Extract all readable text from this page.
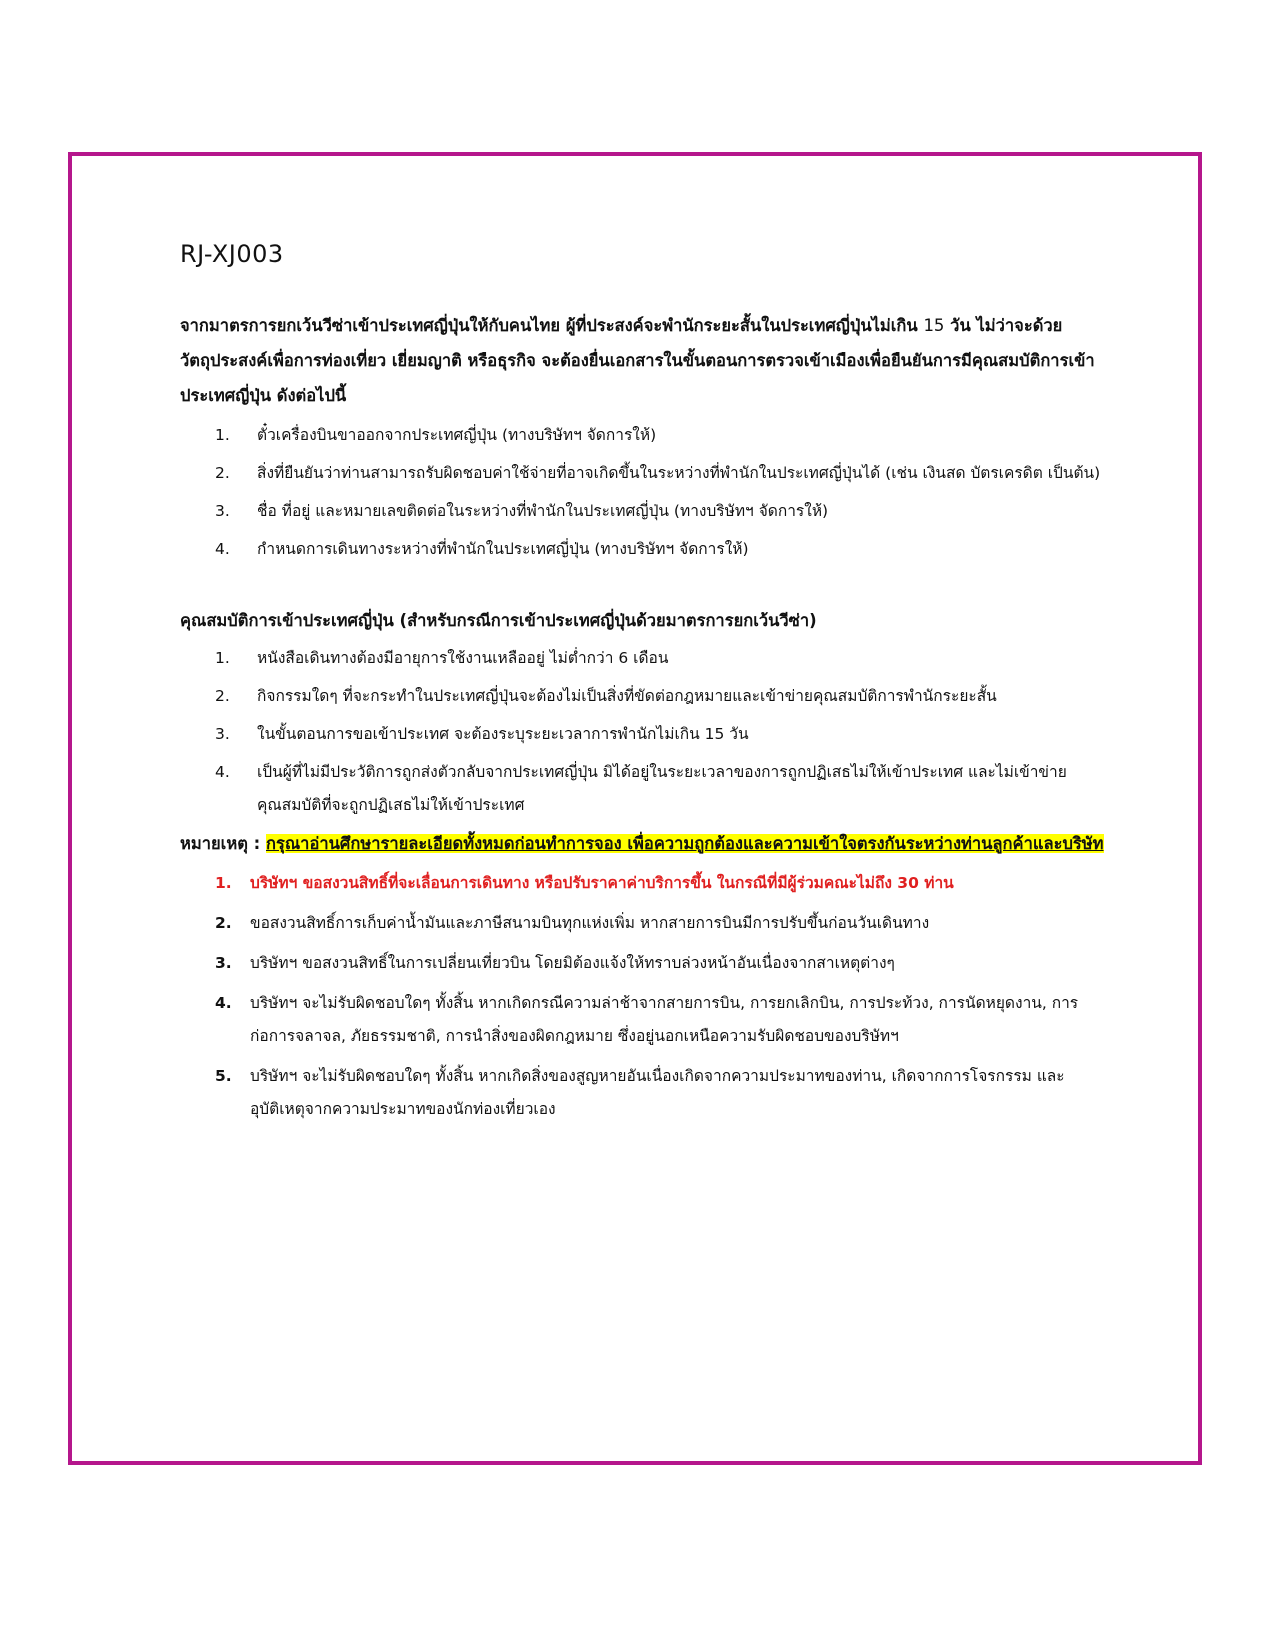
RJ-XJ003

จากมาตรการยกเว้นวีซ่าเข้าประเทศญี่ปุ่นให้กับคนไทย ผู้ที่ประสงค์จะพำนักระยะสั้นในประเทศญี่ปุ่นไม่เกิน 15 วัน ไม่ว่าจะด้วยวัตถุประสงค์เพื่อการท่องเที่ยว เยี่ยมญาติ หรือธุรกิจ จะต้องยื่นเอกสารในขั้นตอนการตรวจเข้าเมืองเพื่อยืนยันการมีคุณสมบัติการเข้าประเทศญี่ปุ่น ดังต่อไปนี้

1. ตั๋วเครื่องบินขาออกจากประเทศญี่ปุ่น (ทางบริษัทฯ จัดการให้)
2. สิ่งที่ยืนยันว่าท่านสามารถรับผิดชอบค่าใช้จ่ายที่อาจเกิดขึ้นในระหว่างที่พำนักในประเทศญี่ปุ่นได้ (เช่น เงินสด บัตรเครดิต เป็นต้น)
3. ชื่อ ที่อยู่ และหมายเลขติดต่อในระหว่างที่พำนักในประเทศญี่ปุ่น (ทางบริษัทฯ จัดการให้)
4. กำหนดการเดินทางระหว่างที่พำนักในประเทศญี่ปุ่น (ทางบริษัทฯ จัดการให้)

คุณสมบัติการเข้าประเทศญี่ปุ่น (สำหรับกรณีการเข้าประเทศญี่ปุ่นด้วยมาตรการยกเว้นวีซ่า)

1. หนังสือเดินทางต้องมีอายุการใช้งานเหลืออยู่ ไม่ต่ำกว่า 6 เดือน
2. กิจกรรมใดๆ ที่จะกระทำในประเทศญี่ปุ่นจะต้องไม่เป็นสิ่งที่ขัดต่อกฎหมายและเข้าข่ายคุณสมบัติการพำนักระยะสั้น
3. ในขั้นตอนการขอเข้าประเทศ จะต้องระบุระยะเวลาการพำนักไม่เกิน 15 วัน
4. เป็นผู้ที่ไม่มีประวัติการถูกส่งตัวกลับจากประเทศญี่ปุ่น มิได้อยู่ในระยะเวลาของการถูกปฏิเสธไม่ให้เข้าประเทศ และไม่เข้าข่ายคุณสมบัติที่จะถูกปฏิเสธไม่ให้เข้าประเทศ

หมายเหตุ : กรุณาอ่านศึกษารายละเอียดทั้งหมดก่อนทำการจอง เพื่อความถูกต้องและความเข้าใจตรงกันระหว่างท่านลูกค้าและบริษัท

1. บริษัทฯ ขอสงวนสิทธิ์ที่จะเลื่อนการเดินทาง หรือปรับราคาค่าบริการขึ้น ในกรณีที่มีผู้ร่วมคณะไม่ถึง 30 ท่าน
2. ขอสงวนสิทธิ์การเก็บค่าน้ำมันและภาษีสนามบินทุกแห่งเพิ่ม หากสายการบินมีการปรับขึ้นก่อนวันเดินทาง
3. บริษัทฯ ขอสงวนสิทธิ์ในการเปลี่ยนเที่ยวบิน โดยมิต้องแจ้งให้ทราบล่วงหน้าอันเนื่องจากสาเหตุต่างๆ
4. บริษัทฯ จะไม่รับผิดชอบใดๆ ทั้งสิ้น หากเกิดกรณีความล่าช้าจากสายการบิน, การยกเลิกบิน, การประท้วง, การนัดหยุดงาน, การก่อการจลาจล, ภัยธรรมชาติ, การนำสิ่งของผิดกฎหมาย ซึ่งอยู่นอกเหนือความรับผิดชอบของบริษัทฯ
5. บริษัทฯ จะไม่รับผิดชอบใดๆ ทั้งสิ้น หากเกิดสิ่งของสูญหายอันเนื่องเกิดจากความประมาทของท่าน, เกิดจากการโจรกรรม และอุบัติเหตุจากความประมาทของนักท่องเที่ยวเอง
